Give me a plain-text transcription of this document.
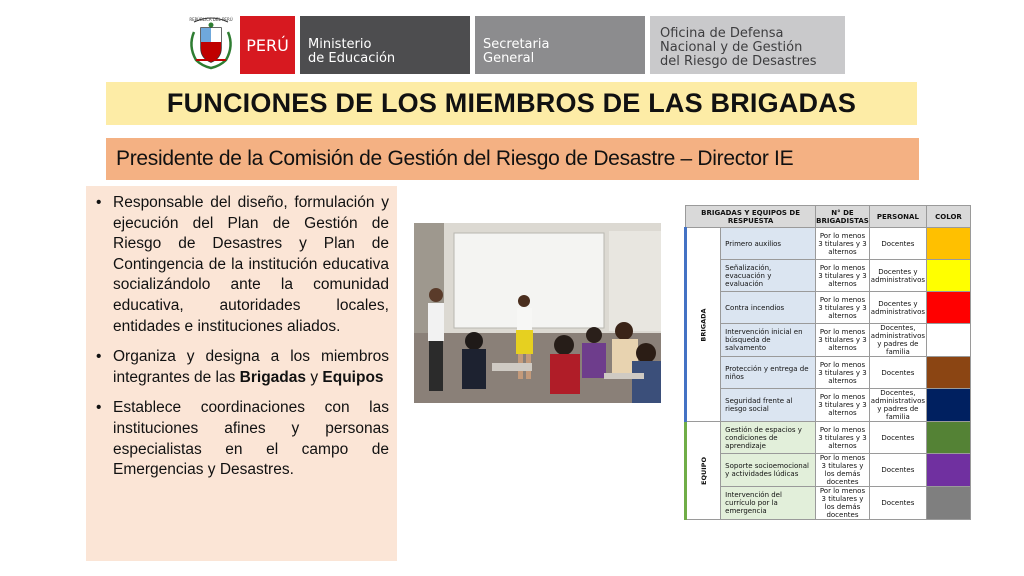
REPÚBLICA DEL PERÚ
PERÚ Ministerio
de Educación
Secretaria
General
Oficina de Defensa
Nacional y de Gestión
del Riesgo de Desastres
FUNCIONES DE LOS MIEMBROS DE LAS BRIGADAS
Presidente de la Comisión de Gestión del Riesgo de Desastre – Director IE
• Responsable del diseño, formulación y ejecución del Plan de Gestión de Riesgo de Desastres y Plan de Contingencia de la institución educativa socializándolo ante la comunidad educativa, autoridades locales, entidades e instituciones aliados.
• Organiza y designa a los miembros integrantes de las Brigadas y Equipos
• Establece coordinaciones con las instituciones afines y personas especialistas en el campo de Emergencias y Desastres.
BRIGADAS Y EQUIPOS DE RESPUESTA		N° DE BRIGADISTAS	PERSONAL	COLOR
BRIGADA	Primero auxilios	Por lo menos 3 titulares y 3 alternos	Docentes	
	Señalización, evacuación y evaluación	Por lo menos 3 titulares y 3 alternos	Docentes y administrativos	
	Contra incendios	Por lo menos 3 titulares y 3 alternos	Docentes y administrativos	
	Intervención inicial en búsqueda de salvamento	Por lo menos 3 titulares y 3 alternos	Docentes, administrativos y padres de familia	
	Protección y entrega de niños	Por lo menos 3 titulares y 3 alternos	Docentes	
	Seguridad frente al riesgo social	Por lo menos 3 titulares y 3 alternos	Docentes, administrativos y padres de familia	
EQUIPO	Gestión de espacios y condiciones de aprendizaje	Por lo menos 3 titulares y 3 alternos	Docentes	
	Soporte socioemocional y actividades lúdicas	Por lo menos 3 titulares y los demás docentes	Docentes	
	Intervención del currículo por la emergencia	Por lo menos 3 titulares y los demás docentes	Docentes	
